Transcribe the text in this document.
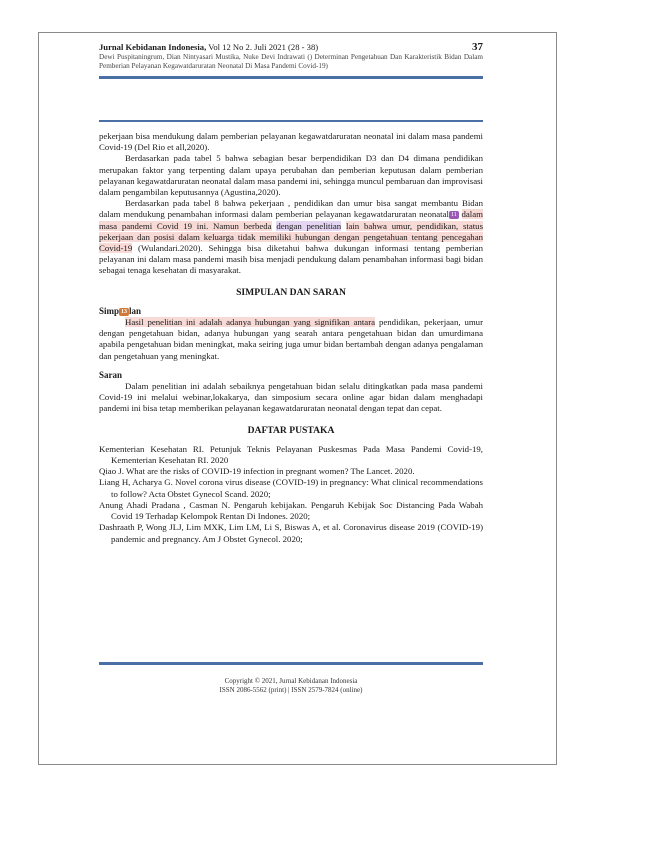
Jurnal Kebidanan Indonesia, Vol 12 No 2. Juli 2021 (28 - 38)	37
Dewi Puspitaningrum, Dian Nintyasari Mustika, Nuke Devi Indrawati () Determinan Pengetahuan Dan Karakteristik Bidan Dalam Pemberian Pelayanan Kegawatdaruratan Neonatal Di Masa Pandemi Covid-19)

pekerjaan bisa mendukung dalam pemberian pelayanan kegawatdaruratan neonatal ini dalam masa pandemi Covid-19 (Del Rio et all,2020).

Berdasarkan pada tabel 5 bahwa sebagian besar berpendidikan D3 dan D4 dimana pendidikan merupakan faktor yang terpenting dalam upaya perubahan dan pemberian keputusan dalam pemberian pelayanan kegawatdaruratan neonatal dalam masa pandemi ini, sehingga muncul pembaruan dan improvisasi dalam pengambilan keputusannya (Agustina,2020).

Berdasarkan pada tabel 8 bahwa pekerjaan , pendidikan dan umur bisa sangat membantu Bidan dalam mendukung penambahan informasi dalam pemberian pelayanan kegawatdaruratan neonatal 11 dalam masa pandemi Covid 19 ini. Namun berbeda dengan penelitian lain bahwa umur, pendidikan, status pekerjaan dan posisi dalam keluarga tidak memiliki hubungan dengan pengetahuan tentang pencegahan Covid-19 (Wulandari.2020). Sehingga bisa diketahui bahwa dukungan informasi tentang pemberian pelayanan ini dalam masa pandemi masih bisa menjadi pendukung dalam penambahan informasi bagi bidan sebagai tenaga kesehatan di masyarakat.

SIMPULAN DAN SARAN
Simp 13 lan

Hasil penelitian ini adalah adanya hubungan yang signifikan antara pendidikan, pekerjaan, umur dengan pengetahuan bidan, adanya hubungan yang searah antara pengetahuan bidan dan umurdimana apabila pengetahuan bidan meningkat, maka seiring juga umur bidan bertambah dengan adanya pengalaman dan pengetahuan yang meningkat.

Saran

Dalam penelitian ini adalah sebaiknya pengetahuan bidan selalu ditingkatkan pada masa pandemi Covid-19 ini melalui webinar,lokakarya, dan simposium secara online agar bidan dalam menghadapi pandemi ini bisa tetap memberikan pelayanan kegawatdaruratan neonatal dengan tepat dan cepat.

DAFTAR PUSTAKA

Kementerian Kesehatan RI. Petunjuk Teknis Pelayanan Puskesmas Pada Masa Pandemi Covid-19, Kementerian Kesehatan RI. 2020

Qiao J. What are the risks of COVID-19 infection in pregnant women? The Lancet. 2020.

Liang H, Acharya G. Novel corona virus disease (COVID-19) in pregnancy: What clinical recommendations to follow? Acta Obstet Gynecol Scand. 2020;

Anung Ahadi Pradana , Casman N. Pengaruh kebijakan. Pengaruh Kebijak Soc Distancing Pada Wabah Covid 19 Terhadap Kelompok Rentan Di Indones. 2020;

Dashraath P, Wong JLJ, Lim MXK, Lim LM, Li S, Biswas A, et al. Coronavirus disease 2019 (COVID-19) pandemic and pregnancy. Am J Obstet Gynecol. 2020;

Copyright © 2021, Jurnal Kebidanan Indonesia
ISSN 2086-5562 (print) | ISSN 2579-7824 (online)
